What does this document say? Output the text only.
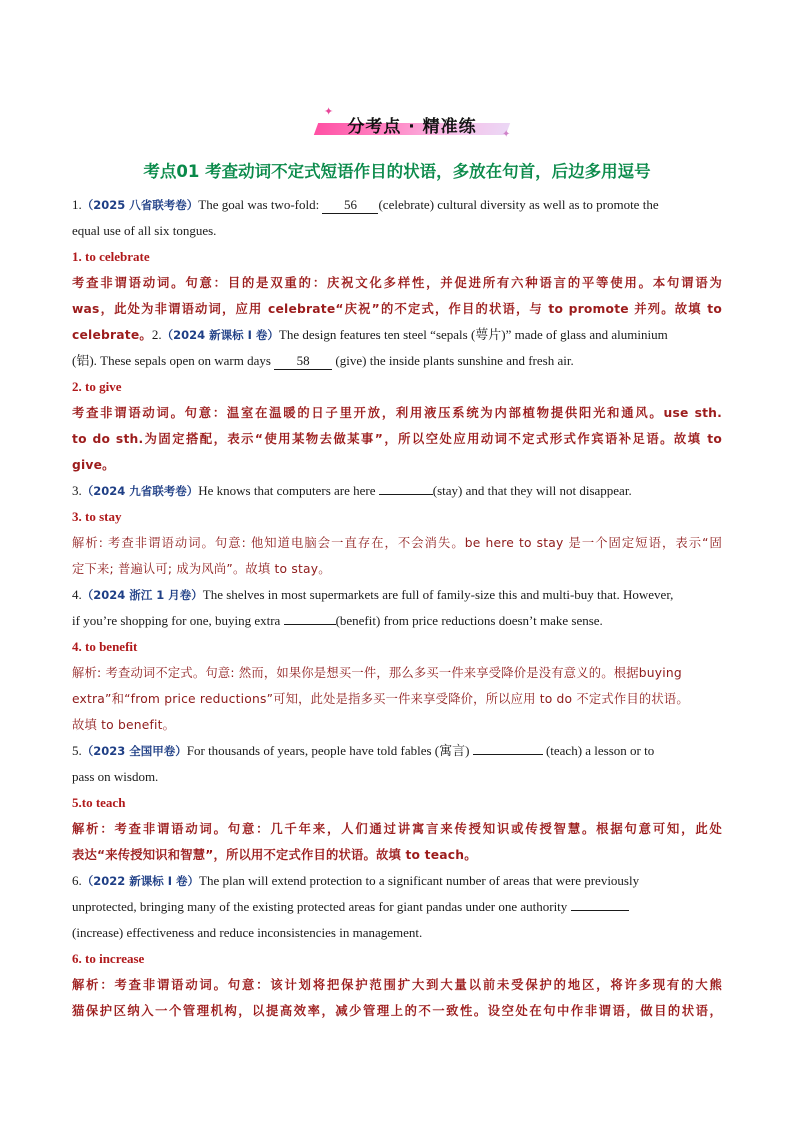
✦
✦
分考点 · 精准练
考点01 考查动词不定式短语作目的状语，多放在句首，后边多用逗号
1.（2025 八省联考卷）The goal was two-fold: 56 (celebrate) cultural diversity as well as to promote the
equal use of all six tongues.
1. to celebrate
考查非谓语动词。句意：目的是双重的：庆祝文化多样性，并促进所有六种语言的平等使用。本句谓语为
was，此处为非谓语动词，应用 celebrate“庆祝”的不定式，作目的状语，与 to promote 并列。故填 to
celebrate。2.（2024 新课标 I 卷）The design features ten steel “sepals (萼片)” made of glass and aluminium
(铝). These sepals open on warm days 58 (give) the inside plants sunshine and fresh air.
2. to give
考查非谓语动词。句意：温室在温暖的日子里开放，利用液压系统为内部植物提供阳光和通风。use sth.
to do sth.为固定搭配，表示“使用某物去做某事”，所以空处应用动词不定式形式作宾语补足语。故填 to
give。
3.（2024 九省联考卷）He knows that computers are here	(stay) and that they will not disappear.
3. to stay
解析: 考查非谓语动词。句意: 他知道电脑会一直存在，不会消失。be here to stay 是一个固定短语，表示“固
定下来; 普遍认可; 成为风尚”。故填 to stay。
4.（2024 浙江 1 月卷）The shelves in most supermarkets are full of family-size this and multi-buy that. However,
if you’re shopping for one, buying extra	(benefit) from price reductions doesn’t make sense.
4. to benefit
解析: 考查动词不定式。句意: 然而，如果你是想买一件，那么多买一件来享受降价是没有意义的。根据buying
extra”和“from price reductions”可知，此处是指多买一件来享受降价，所以应用 to do 不定式作目的状语。
故填 to benefit。
5.（2023 全国甲卷）For thousands of years, people have told fables (寓言)	(teach) a lesson or to
pass on wisdom.
5.to teach
解析：考查非谓语动词。句意：几千年来，人们通过讲寓言来传授知识或传授智慧。根据句意可知，此处
表达“来传授知识和智慧”，所以用不定式作目的状语。故填 to teach。
6.（2022 新课标 I 卷）The plan will extend protection to a significant number of areas that were previously
unprotected, bringing many of the existing protected areas for giant pandas under one authority
(increase) effectiveness and reduce inconsistencies in management.
6. to increase
解析：考查非谓语动词。句意：该计划将把保护范围扩大到大量以前未受保护的地区，将许多现有的大熊
猫保护区纳入一个管理机构，以提高效率，减少管理上的不一致性。设空处在句中作非谓语，做目的状语，
